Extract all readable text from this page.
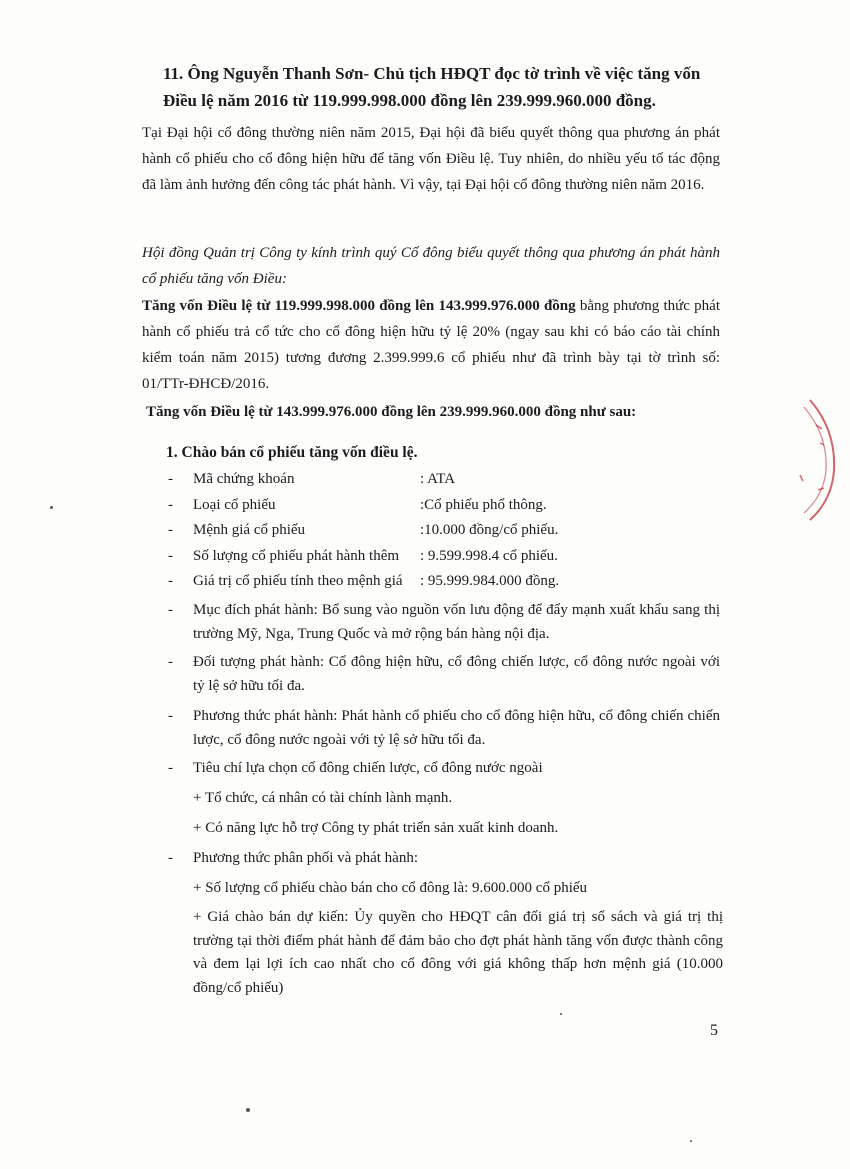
11. Ông Nguyễn Thanh Sơn- Chủ tịch HĐQT đọc tờ trình về việc tăng vốn
Điều lệ năm 2016 từ 119.999.998.000 đồng lên 239.999.960.000 đồng.
Tại Đại hội cổ đông thường niên năm 2015, Đại hội đã biểu quyết thông qua phương án phát hành cổ phiếu cho cổ đông hiện hữu để tăng vốn Điều lệ. Tuy nhiên, do nhiều yếu tố tác động đã làm ảnh hưởng đến công tác phát hành. Vì vậy, tại Đại hội cổ đông thường niên năm 2016.
Hội đồng Quản trị Công ty kính trình quý Cổ đông biểu quyết thông qua phương án phát hành cổ phiếu tăng vốn Điều:
Tăng vốn Điều lệ từ 119.999.998.000 đồng lên 143.999.976.000 đồng bằng phương thức phát hành cổ phiếu trả cổ tức cho cổ đông hiện hữu tỷ lệ 20% (ngay sau khi có báo cáo tài chính kiểm toán năm 2015) tương đương 2.399.999.6 cổ phiếu như đã trình bày tại tờ trình số: 01/TTr-ĐHCĐ/2016.
Tăng vốn Điều lệ từ 143.999.976.000 đồng lên 239.999.960.000 đồng như sau:
1. Chào bán cổ phiếu tăng vốn điều lệ.
- Mã chứng khoán	: ATA
- Loại cổ phiếu	:Cổ phiếu phổ thông.
- Mệnh giá cổ phiếu	:10.000 đồng/cổ phiếu.
- Số lượng cổ phiếu phát hành thêm : 9.599.998.4 cổ phiếu.
- Giá trị cổ phiếu tính theo mệnh giá : 95.999.984.000 đồng.
- Mục đích phát hành: Bổ sung vào nguồn vốn lưu động để đẩy mạnh xuất khẩu sang thị trường Mỹ, Nga, Trung Quốc và mở rộng bán hàng nội địa.
- Đối tượng phát hành: Cổ đông hiện hữu, cổ đông chiến lược, cổ đông nước ngoài với tỷ lệ sở hữu tối đa.
- Phương thức phát hành: Phát hành cổ phiếu cho cổ đông hiện hữu, cổ đông chiến chiến lược, cổ đông nước ngoài với tỷ lệ sở hữu tối đa.
- Tiêu chí lựa chọn cổ đông chiến lược, cổ đông nước ngoài
+ Tổ chức, cá nhân có tài chính lành mạnh.
+ Có năng lực hỗ trợ Công ty phát triển sản xuất kinh doanh.
- Phương thức phân phối và phát hành:
+ Số lượng cổ phiếu chào bán cho cổ đông là: 9.600.000 cổ phiếu
+ Giá chào bán dự kiến: Ủy quyền cho HĐQT cân đối giá trị sổ sách và giá trị thị trường tại thời điểm phát hành để đảm bảo cho đợt phát hành tăng vốn được thành công và đem lại lợi ích cao nhất cho cổ đông với giá không thấp hơn mệnh giá (10.000 đồng/cổ phiếu)
5
